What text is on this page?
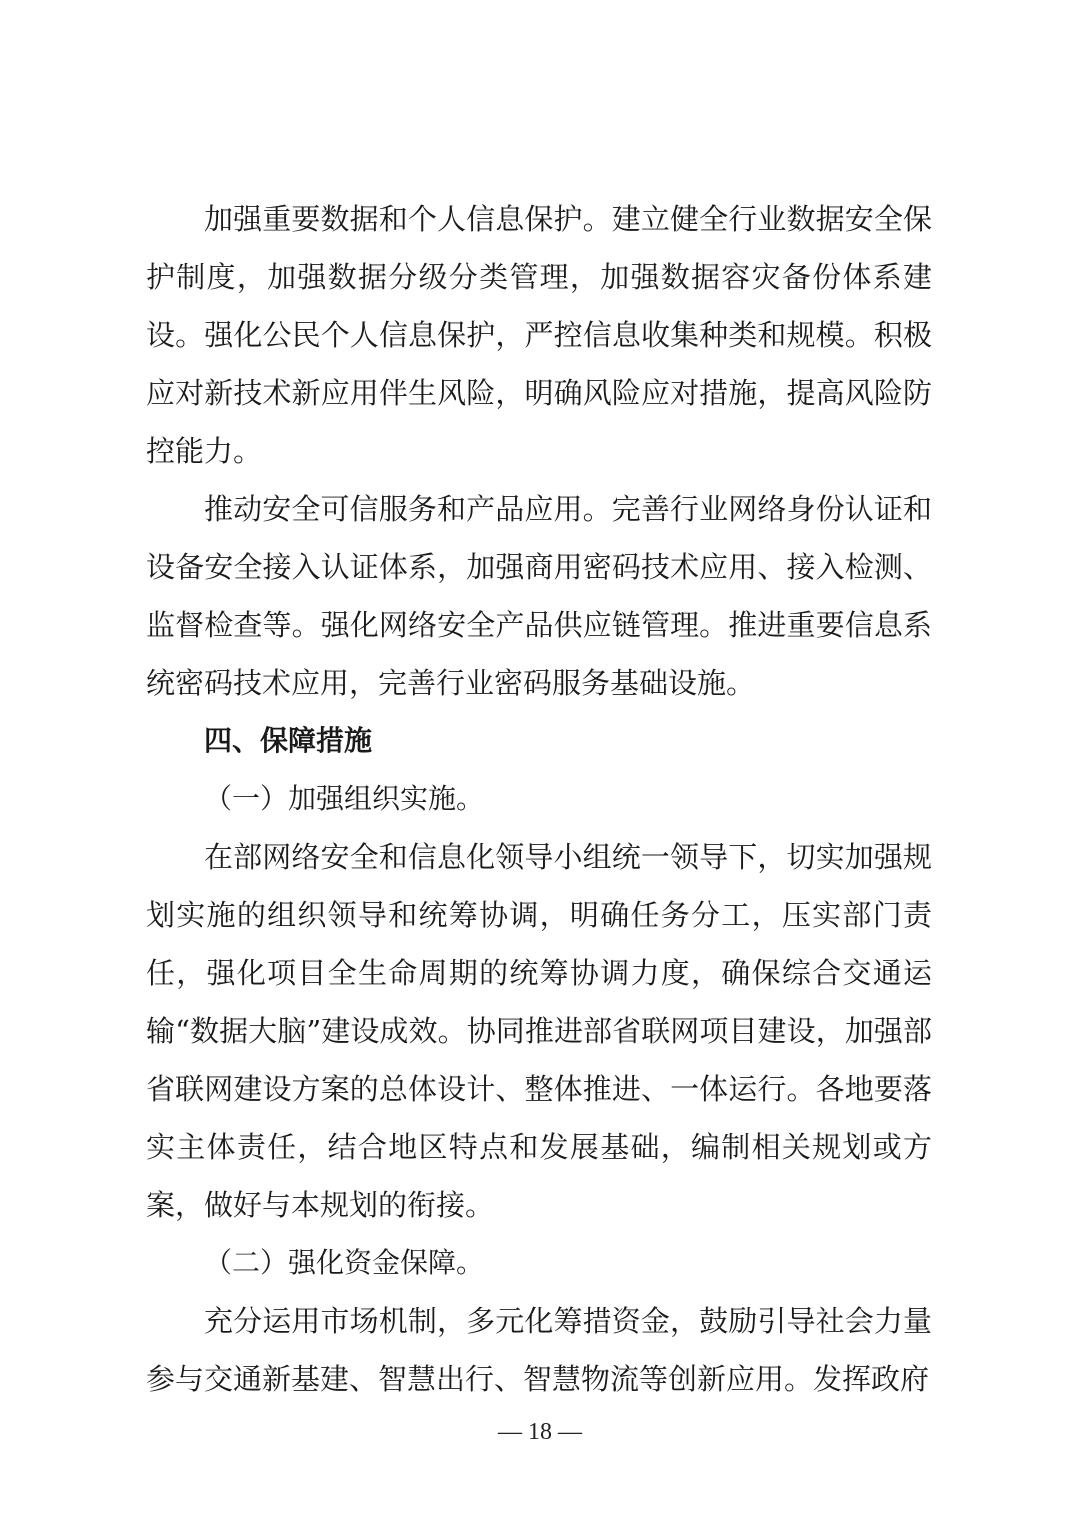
加强重要数据和个人信息保护。建立健全行业数据安全保护制度，加强数据分级分类管理，加强数据容灾备份体系建设。强化公民个人信息保护，严控信息收集种类和规模。积极应对新技术新应用伴生风险，明确风险应对措施，提高风险防控能力。

推动安全可信服务和产品应用。完善行业网络身份认证和设备安全接入认证体系，加强商用密码技术应用、接入检测、监督检查等。强化网络安全产品供应链管理。推进重要信息系统密码技术应用，完善行业密码服务基础设施。

四、保障措施

（一）加强组织实施。

在部网络安全和信息化领导小组统一领导下，切实加强规划实施的组织领导和统筹协调，明确任务分工，压实部门责任，强化项目全生命周期的统筹协调力度，确保综合交通运输“数据大脑”建设成效。协同推进部省联网项目建设，加强部省联网建设方案的总体设计、整体推进、一体运行。各地要落实主体责任，结合地区特点和发展基础，编制相关规划或方案，做好与本规划的衔接。

（二）强化资金保障。

充分运用市场机制，多元化筹措资金，鼓励引导社会力量参与交通新基建、智慧出行、智慧物流等创新应用。发挥政府

— 18 —
